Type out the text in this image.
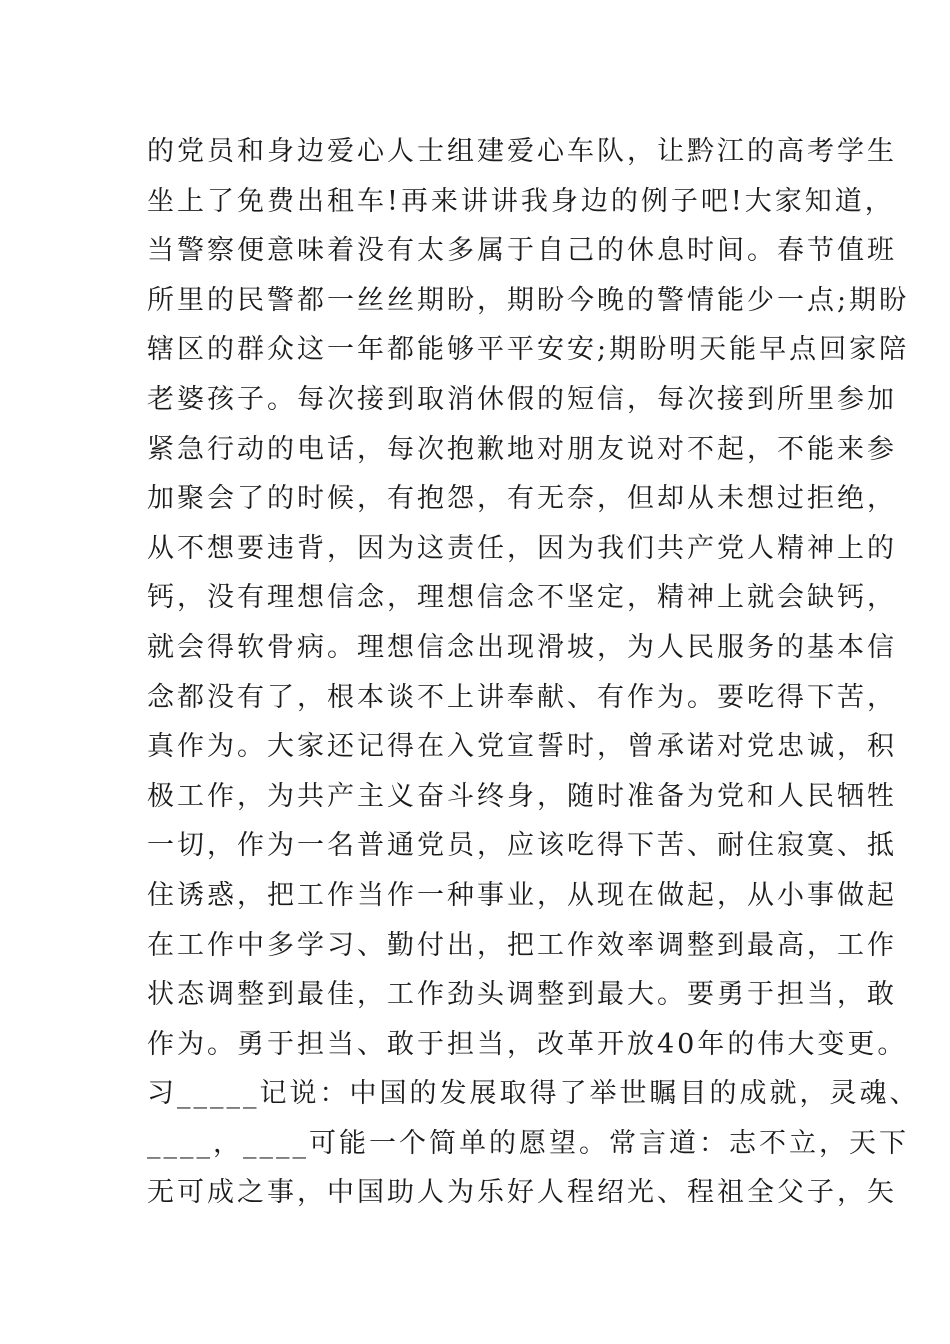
的党员和身边爱心人士组建爱心车队，让黔江的高考学生
坐上了免费出租车!再来讲讲我身边的例子吧!大家知道，
当警察便意味着没有太多属于自己的休息时间。春节值班
所里的民警都一丝丝期盼，期盼今晚的警情能少一点;期盼
辖区的群众这一年都能够平平安安;期盼明天能早点回家陪
老婆孩子。每次接到取消休假的短信，每次接到所里参加
紧急行动的电话，每次抱歉地对朋友说对不起，不能来参
加聚会了的时候，有抱怨，有无奈，但却从未想过拒绝，
从不想要违背，因为这责任，因为我们共产党人精神上的
钙，没有理想信念，理想信念不坚定，精神上就会缺钙，
就会得软骨病。理想信念出现滑坡，为人民服务的基本信
念都没有了，根本谈不上讲奉献、有作为。要吃得下苦，
真作为。大家还记得在入党宣誓时，曾承诺对党忠诚，积
极工作，为共产主义奋斗终身，随时准备为党和人民牺牲
一切，作为一名普通党员，应该吃得下苦、耐住寂寞、抵
住诱惑，把工作当作一种事业，从现在做起，从小事做起
在工作中多学习、勤付出，把工作效率调整到最高，工作
状态调整到最佳，工作劲头调整到最大。要勇于担当，敢
作为。勇于担当、敢于担当，改革开放40年的伟大变更。
习_____记说：中国的发展取得了举世瞩目的成就，灵魂、
____，____可能一个简单的愿望。常言道：志不立，天下
无可成之事，中国助人为乐好人程绍光、程祖全父子，矢
